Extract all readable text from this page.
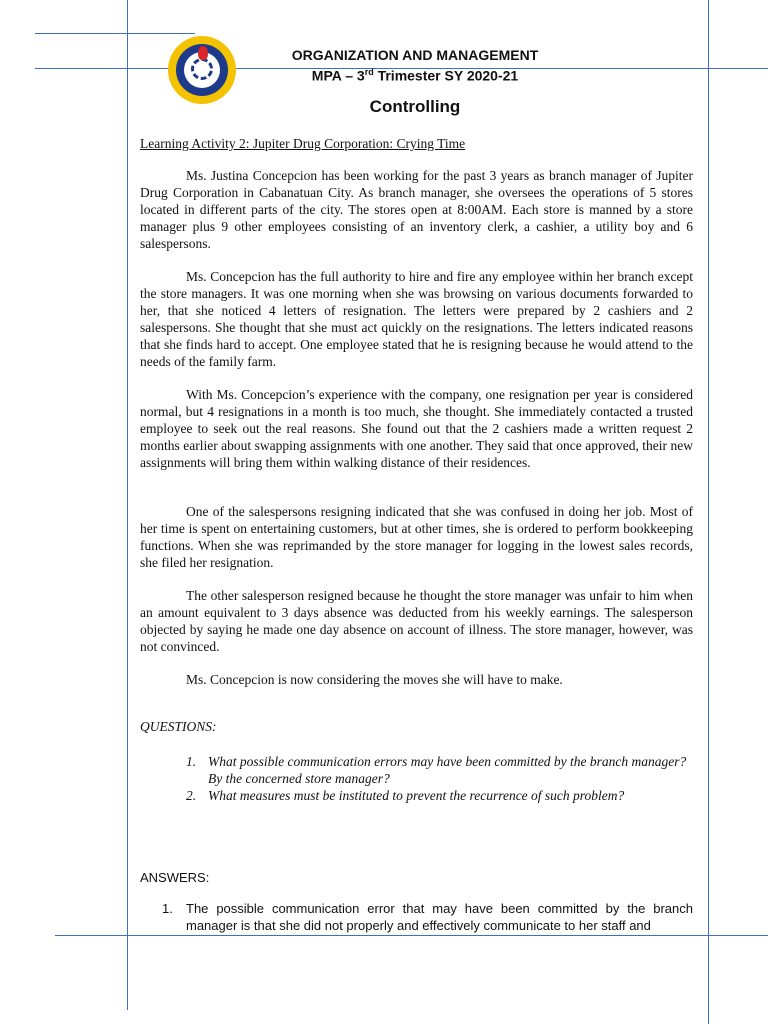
ORGANIZATION AND MANAGEMENT
MPA – 3rd Trimester SY 2020-21
Controlling
Learning Activity 2: Jupiter Drug Corporation: Crying Time

Ms. Justina Concepcion has been working for the past 3 years as branch manager of Jupiter Drug Corporation in Cabanatuan City. As branch manager, she oversees the operations of 5 stores located in different parts of the city. The stores open at 8:00AM. Each store is manned by a store manager plus 9 other employees consisting of an inventory clerk, a cashier, a utility boy and 6 salespersons.

Ms. Concepcion has the full authority to hire and fire any employee within her branch except the store managers. It was one morning when she was browsing on various documents forwarded to her, that she noticed 4 letters of resignation. The letters were prepared by 2 cashiers and 2 salespersons. She thought that she must act quickly on the resignations. The letters indicated reasons that she finds hard to accept. One employee stated that he is resigning because he would attend to the needs of the family farm.

With Ms. Concepcion’s experience with the company, one resignation per year is considered normal, but 4 resignations in a month is too much, she thought. She immediately contacted a trusted employee to seek out the real reasons. She found out that the 2 cashiers made a written request 2 months earlier about swapping assignments with one another. They said that once approved, their new assignments will bring them within walking distance of their residences.

One of the salespersons resigning indicated that she was confused in doing her job. Most of her time is spent on entertaining customers, but at other times, she is ordered to perform bookkeeping functions. When she was reprimanded by the store manager for logging in the lowest sales records, she filed her resignation.

The other salesperson resigned because he thought the store manager was unfair to him when an amount equivalent to 3 days absence was deducted from his weekly earnings. The salesperson objected by saying he made one day absence on account of illness. The store manager, however, was not convinced.

Ms. Concepcion is now considering the moves she will have to make.

QUESTIONS:
1. What possible communication errors may have been committed by the branch manager? By the concerned store manager?
2. What measures must be instituted to prevent the recurrence of such problem?
ANSWERS:
1. The possible communication error that may have been committed by the branch manager is that she did not properly and effectively communicate to her staff and
